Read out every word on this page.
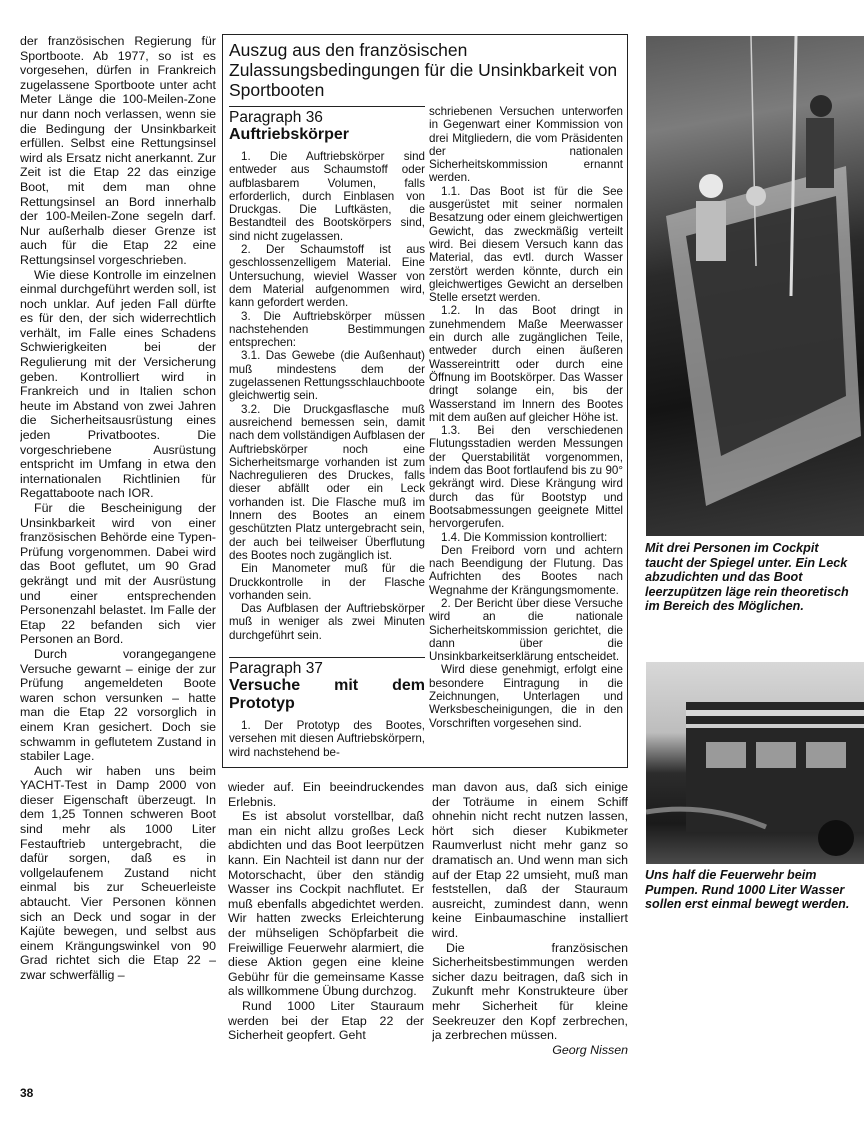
der französischen Regierung für Sportboote. Ab 1977, so ist es vorgesehen, dürfen in Frankreich zugelassene Sportboote unter acht Meter Länge die 100-Meilen-Zone nur dann noch verlassen, wenn sie die Bedingung der Unsinkbarkeit erfüllen. Selbst eine Rettungsinsel wird als Ersatz nicht anerkannt. Zur Zeit ist die Etap 22 das einzige Boot, mit dem man ohne Rettungsinsel an Bord innerhalb der 100-Meilen-Zone segeln darf. Nur außerhalb dieser Grenze ist auch für die Etap 22 eine Rettungsinsel vorgeschrieben.

Wie diese Kontrolle im einzelnen einmal durchgeführt werden soll, ist noch unklar. Auf jeden Fall dürfte es für den, der sich widerrechtlich verhält, im Falle eines Schadens Schwierigkeiten bei der Regulierung mit der Versicherung geben. Kontrolliert wird in Frankreich und in Italien schon heute im Abstand von zwei Jahren die Sicherheitsausrüstung eines jeden Privatbootes. Die vorgeschriebene Ausrüstung entspricht im Umfang in etwa den internationalen Richtlinien für Regattaboote nach IOR.

Für die Bescheinigung der Unsinkbarkeit wird von einer französischen Behörde eine Typen-Prüfung vorgenommen. Dabei wird das Boot geflutet, um 90 Grad gekrängt und mit der Ausrüstung und einer entsprechenden Personenzahl belastet. Im Falle der Etap 22 befanden sich vier Personen an Bord.

Durch vorangegangene Versuche gewarnt – einige der zur Prüfung angemeldeten Boote waren schon versunken – hatte man die Etap 22 vorsorglich in einem Kran gesichert. Doch sie schwamm in geflutetem Zustand in stabiler Lage.

Auch wir haben uns beim YACHT-Test in Damp 2000 von dieser Eigenschaft überzeugt. In dem 1,25 Tonnen schweren Boot sind mehr als 1000 Liter Festauftrieb untergebracht, die dafür sorgen, daß es in vollgelaufenem Zustand nicht einmal bis zur Scheuerleiste abtaucht. Vier Personen können sich an Deck und sogar in der Kajüte bewegen, und selbst aus einem Krängungswinkel von 90 Grad richtet sich die Etap 22 – zwar schwerfällig –

Auszug aus den französischen Zulassungsbedingungen für die Unsinkbarkeit von Sportbooten
Paragraph 36
Auftriebskörper

1. Die Auftriebskörper sind entweder aus Schaumstoff oder aufblasbarem Volumen, falls erforderlich, durch Einblasen von Druckgas. Die Luftkästen, die Bestandteil des Bootskörpers sind, sind nicht zugelassen.

2. Der Schaumstoff ist aus geschlossenzelligem Material. Eine Untersuchung, wieviel Wasser von dem Material aufgenommen wird, kann gefordert werden.

3. Die Auftriebskörper müssen nachstehenden Bestimmungen entsprechen:

3.1. Das Gewebe (die Außenhaut) muß mindestens dem der zugelassenen Rettungsschlauchboote gleichwertig sein.

3.2. Die Druckgasflasche muß ausreichend bemessen sein, damit nach dem vollständigen Aufblasen der Auftriebskörper noch eine Sicherheitsmarge vorhanden ist zum Nachregulieren des Druckes, falls dieser abfällt oder ein Leck vorhanden ist. Die Flasche muß im Innern des Bootes an einem geschützten Platz untergebracht sein, der auch bei teilweiser Überflutung des Bootes noch zugänglich ist.

Ein Manometer muß für die Druckkontrolle in der Flasche vorhanden sein.

Das Aufblasen der Auftriebskörper muß in weniger als zwei Minuten durchgeführt sein.

Paragraph 37
Versuche mit dem Prototyp

1. Der Prototyp des Bootes, versehen mit diesen Auftriebskörpern, wird nachstehend be-

schriebenen Versuchen unterworfen in Gegenwart einer Kommission von drei Mitgliedern, die vom Präsidenten der nationalen Sicherheitskommission ernannt werden.

1.1. Das Boot ist für die See ausgerüstet mit seiner normalen Besatzung oder einem gleichwertigen Gewicht, das zweckmäßig verteilt wird. Bei diesem Versuch kann das Material, das evtl. durch Wasser zerstört werden könnte, durch ein gleichwertiges Gewicht an derselben Stelle ersetzt werden.

1.2. In das Boot dringt in zunehmendem Maße Meerwasser ein durch alle zugänglichen Teile, entweder durch einen äußeren Wassereintritt oder durch eine Öffnung im Bootskörper. Das Wasser dringt solange ein, bis der Wasserstand im Innern des Bootes mit dem außen auf gleicher Höhe ist.

1.3. Bei den verschiedenen Flutungsstadien werden Messungen der Querstabilität vorgenommen, indem das Boot fortlaufend bis zu 90° gekrängt wird. Diese Krängung wird durch das für Bootstyp und Bootsabmessungen geeignete Mittel hervorgerufen.

1.4. Die Kommission kontrolliert:

Den Freibord vorn und achtern nach Beendigung der Flutung. Das Aufrichten des Bootes nach Wegnahme der Krängungsmomente.

2. Der Bericht über diese Versuche wird an die nationale Sicherheitskommission gerichtet, die dann über die Unsinkbarkeitserklärung entscheidet.

Wird diese genehmigt, erfolgt eine besondere Eintragung in die Zeichnungen, Unterlagen und Werksbescheinigungen, die in den Vorschriften vorgesehen sind.

wieder auf. Ein beeindruckendes Erlebnis.

Es ist absolut vorstellbar, daß man ein nicht allzu großes Leck abdichten und das Boot leerpützen kann. Ein Nachteil ist dann nur der Motorschacht, über den ständig Wasser ins Cockpit nachflutet. Er muß ebenfalls abgedichtet werden. Wir hatten zwecks Erleichterung der mühseligen Schöpfarbeit die Freiwillige Feuerwehr alarmiert, die diese Aktion gegen eine kleine Gebühr für die gemeinsame Kasse als willkommene Übung durchzog.

Rund 1000 Liter Stauraum werden bei der Etap 22 der Sicherheit geopfert. Geht

man davon aus, daß sich einige der Toträume in einem Schiff ohnehin nicht recht nutzen lassen, hört sich dieser Kubikmeter Raumverlust nicht mehr ganz so dramatisch an. Und wenn man sich auf der Etap 22 umsieht, muß man feststellen, daß der Stauraum ausreicht, zumindest dann, wenn keine Einbaumaschine installiert wird.

Die französischen Sicherheitsbestimmungen werden sicher dazu beitragen, daß sich in Zukunft mehr Konstrukteure über mehr Sicherheit für kleine Seekreuzer den Kopf zerbrechen, ja zerbrechen müssen.

Georg Nissen

Mit drei Personen im Cockpit taucht der Spiegel unter. Ein Leck abzudichten und das Boot leerzupützen läge rein theoretisch im Bereich des Möglichen.
Uns half die Feuerwehr beim Pumpen. Rund 1000 Liter Wasser sollen erst einmal bewegt werden.
38
